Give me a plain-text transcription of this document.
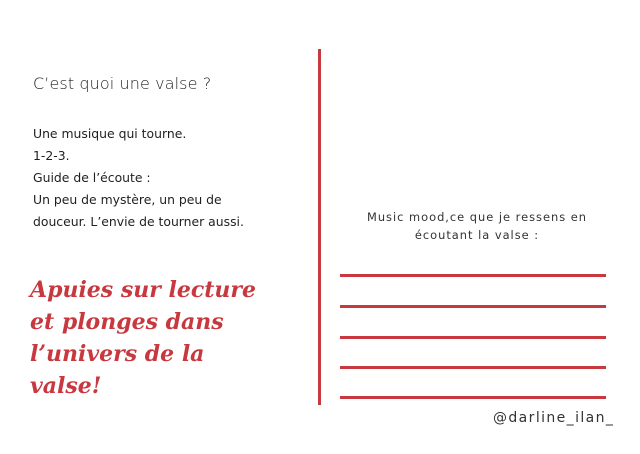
C’est quoi une valse ?
Une musique qui tourne.
1-2-3.
Guide de l’écoute :
Un peu de mystère, un peu de
douceur. L’envie de tourner aussi.
Apuies sur lecture
et plonges dans
l’univers de la
valse!
Music mood,ce que je ressens en
écoutant la valse :
@darline_ilan_
